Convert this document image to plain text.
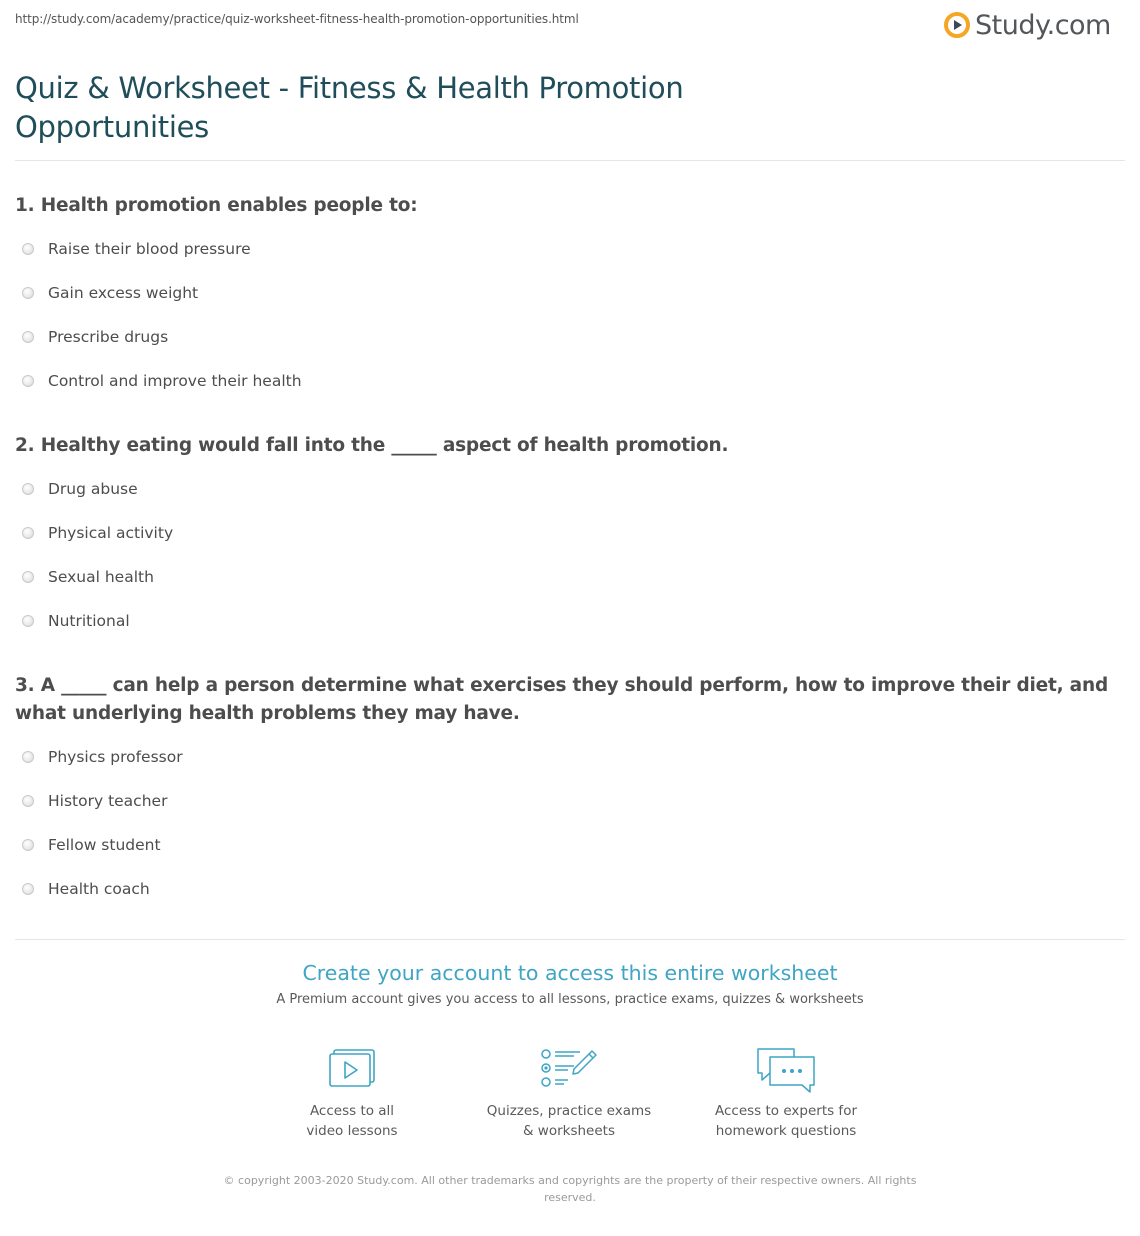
http://study.com/academy/practice/quiz-worksheet-fitness-health-promotion-opportunities.html	Study.com
Quiz & Worksheet - Fitness & Health Promotion Opportunities
1. Health promotion enables people to:
Raise their blood pressure
Gain excess weight
Prescribe drugs
Control and improve their health
2. Healthy eating would fall into the _____ aspect of health promotion.
Drug abuse
Physical activity
Sexual health
Nutritional
3. A _____ can help a person determine what exercises they should perform, how to improve their diet, and what underlying health problems they may have.
Physics professor
History teacher
Fellow student
Health coach
Create your account to access this entire worksheet
A Premium account gives you access to all lessons, practice exams, quizzes & worksheets
Access to all
video lessons
Quizzes, practice exams
& worksheets
Access to experts for
homework questions
© copyright 2003-2020 Study.com. All other trademarks and copyrights are the property of their respective owners. All rights reserved.
